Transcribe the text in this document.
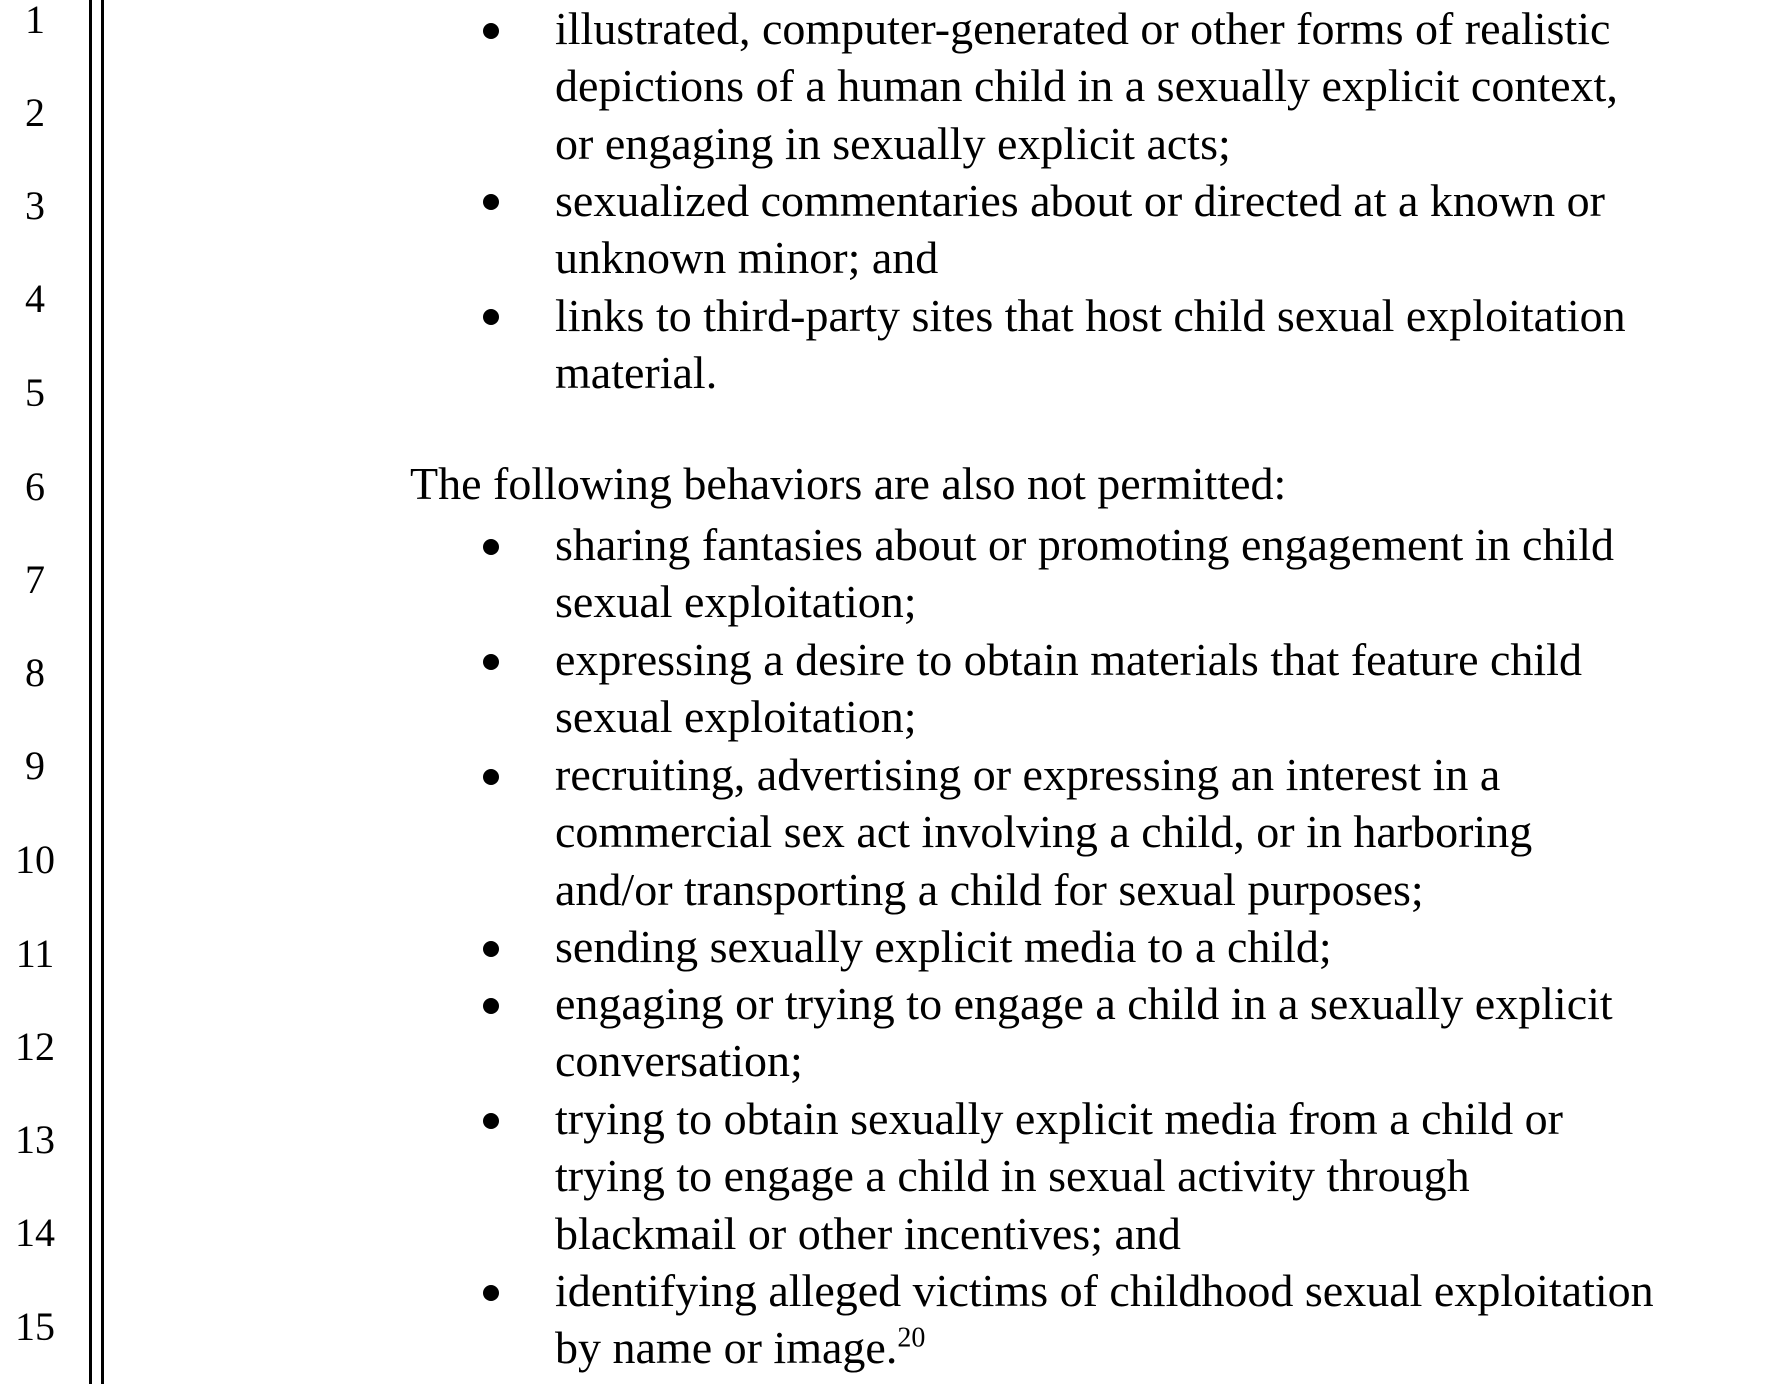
1
2
3
4
5
6
7
8
9
10
11
12
13
14
15
illustrated, computer-generated or other forms of realistic
depictions of a human child in a sexually explicit context,
or engaging in sexually explicit acts;
sexualized commentaries about or directed at a known or
unknown minor; and
links to third-party sites that host child sexual exploitation
material.
The following behaviors are also not permitted:
sharing fantasies about or promoting engagement in child
sexual exploitation;
expressing a desire to obtain materials that feature child
sexual exploitation;
recruiting, advertising or expressing an interest in a
commercial sex act involving a child, or in harboring
and/or transporting a child for sexual purposes;
sending sexually explicit media to a child;
engaging or trying to engage a child in a sexually explicit
conversation;
trying to obtain sexually explicit media from a child or
trying to engage a child in sexual activity through
blackmail or other incentives; and
identifying alleged victims of childhood sexual exploitation
by name or image.$^{20}$
